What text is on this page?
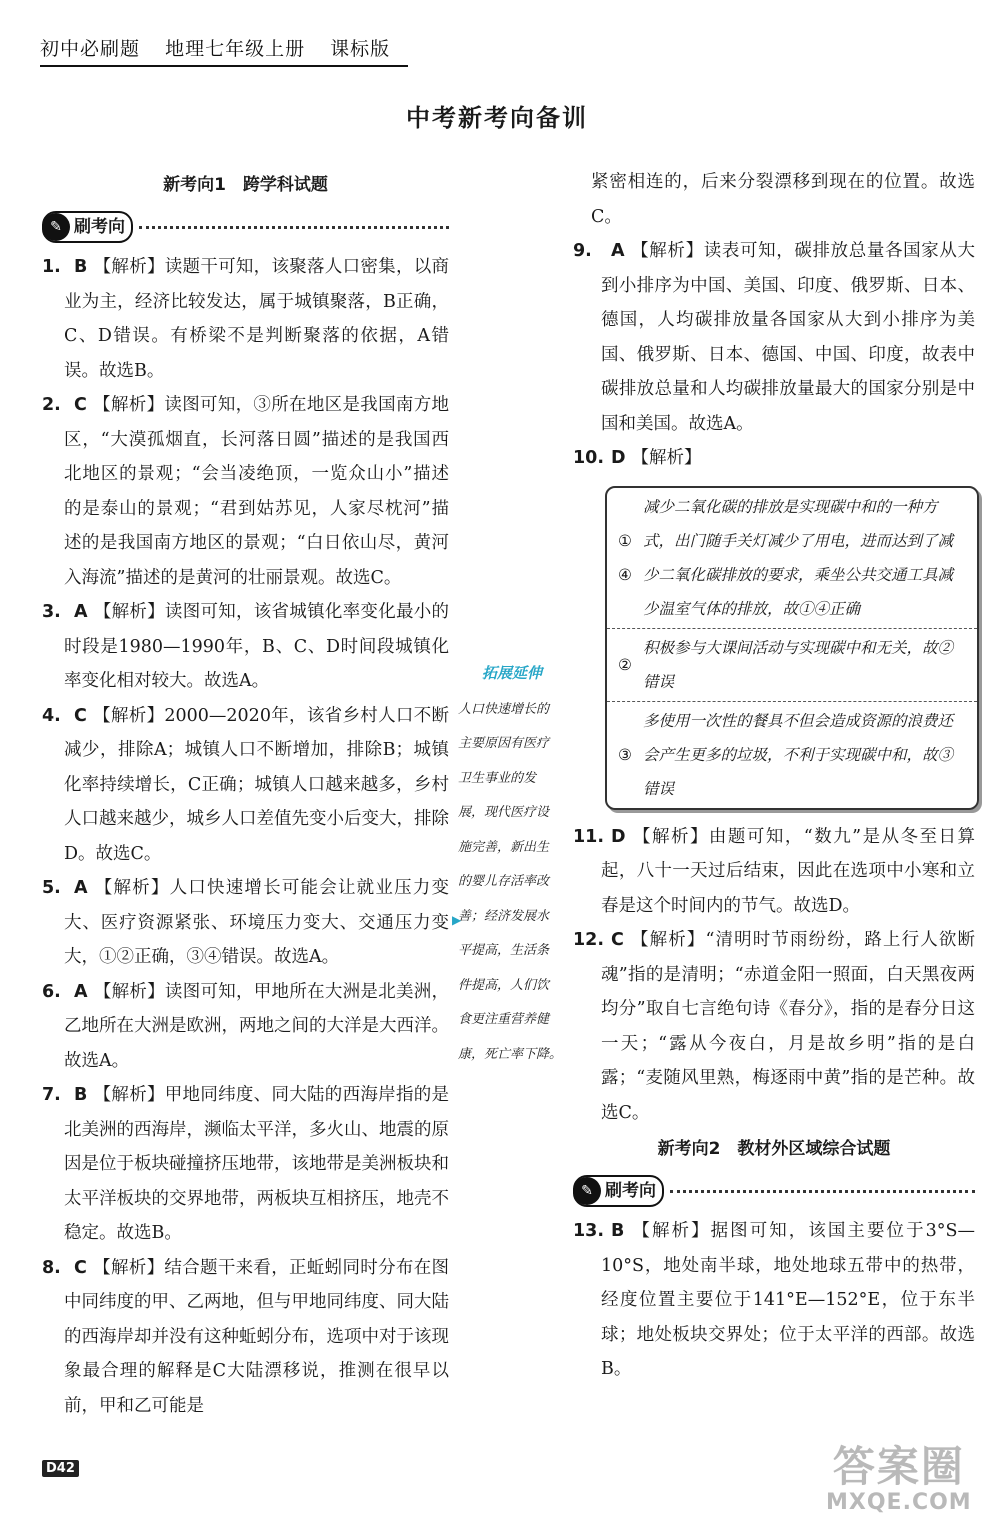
初中必刷题 地理七年级上册 课标版
中考新考向备训
新考向1　跨学科试题
✎ 刷考向
1. B 【解析】读题干可知，该聚落人口密集，以商业为主，经济比较发达，属于城镇聚落，B正确，C、D错误。有桥梁不是判断聚落的依据，A错误。故选B。
2. C 【解析】读图可知，③所在地区是我国南方地区，“大漠孤烟直，长河落日圆”描述的是我国西北地区的景观；“会当凌绝顶，一览众山小”描述的是泰山的景观；“君到姑苏见，人家尽枕河”描述的是我国南方地区的景观；“白日依山尽，黄河入海流”描述的是黄河的壮丽景观。故选C。
3. A 【解析】读图可知，该省城镇化率变化最小的时段是1980—1990年，B、C、D时间段城镇化率变化相对较大。故选A。
4. C 【解析】2000—2020年，该省乡村人口不断减少，排除A；城镇人口不断增加，排除B；城镇化率持续增长，C正确；城镇人口越来越多，乡村人口越来越少，城乡人口差值先变小后变大，排除D。故选C。
5. A 【解析】人口快速增长可能会让就业压力变大、医疗资源紧张、环境压力变大、交通压力变大，①②正确，③④错误。故选A。
6. A 【解析】读图可知，甲地所在大洲是北美洲，乙地所在大洲是欧洲，两地之间的大洋是大西洋。故选A。
7. B 【解析】甲地同纬度、同大陆的西海岸指的是北美洲的西海岸，濒临太平洋，多火山、地震的原因是位于板块碰撞挤压地带，该地带是美洲板块和太平洋板块的交界地带，两板块互相挤压，地壳不稳定。故选B。
8. C 【解析】结合题干来看，正蚯蚓同时分布在图中同纬度的甲、乙两地，但与甲地同纬度、同大陆的西海岸却并没有这种蚯蚓分布，选项中对于该现象最合理的解释是C大陆漂移说，推测在很早以前，甲和乙可能是
拓展延伸
人口快速增长的
主要原因有医疗
卫生事业的发
展，现代医疗设
施完善，新出生
的婴儿存活率改
善；经济发展水
平提高，生活条
件提高，人们饮
食更注重营养健
康，死亡率下降。
▶
紧密相连的，后来分裂漂移到现在的位置。故选C。
9.	A 【解析】读表可知，碳排放总量各国家从大到小排序为中国、美国、印度、俄罗斯、日本、德国，人均碳排放量各国家从大到小排序为美国、俄罗斯、日本、德国、中国、印度，故表中碳排放总量和人均碳排放量最大的国家分别是中国和美国。故选A。
10. D 【解析】
①
④
减少二氧化碳的排放是实现碳中和的一种方式，出门随手关灯减少了用电，进而达到了减少二氧化碳排放的要求，乘坐公共交通工具减少温室气体的排放，故①④正确
②
积极参与大课间活动与实现碳中和无关，故②错误
③
多使用一次性的餐具不但会造成资源的浪费还会产生更多的垃圾，不利于实现碳中和，故③错误
11. D 【解析】由题可知，“数九”是从冬至日算起，八十一天过后结束，因此在选项中小寒和立春是这个时间内的节气。故选D。
12. C 【解析】“清明时节雨纷纷，路上行人欲断魂”指的是清明；“赤道金阳一照面，白天黑夜两均分”取自七言绝句诗《春分》，指的是春分日这一天；“露从今夜白，月是故乡明”指的是白露；“麦随风里熟，梅逐雨中黄”指的是芒种。故选C。
新考向2　教材外区域综合试题
✎ 刷考向
13. B 【解析】据图可知，该国主要位于3°S—10°S，地处南半球，地处地球五带中的热带，经度位置主要位于141°E—152°E，位于东半球；地处板块交界处；位于太平洋的西部。故选B。
D42	答案圈
MXQE.COM
